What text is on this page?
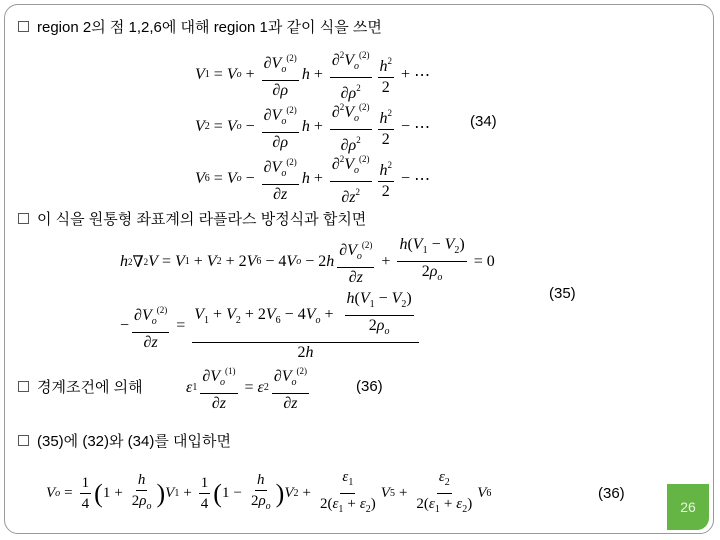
region 2의 점 1,2,6에 대해 region 1과 같이 식을 쓰면
V 1 = V $o + \frac{\partial V_o^{(2)}}{\partial\rho}$ $h + \frac{\partial^2V_o^{(2)}}{\partial\rho^2} \frac{h^2}{2}$ + ⋯
V 2 = V $o - \frac{\partial V_o^{(2)}}{\partial\rho}$ $h + \frac{\partial^2V_o^{(2)}}{\partial\rho^2} \frac{h^2}{2}$ − ⋯
V 6 = V $o - \frac{\partial V_o^{(2)}}{\partial z}$ $h + \frac{\partial^2V_o^{(2)}}{\partial z^2} \frac{h^2}{2}$ − ⋯
(34)
이 식을 원통형 좌표계의 라플라스 방정식과 합치면
h 2 ∇ 2 V = V 1 + V 2 + 2 V 6 − 4 V o − 2 h $\frac{\partial V_o^{(2)}}{\partial z} + \frac{h(V_1 - V_2)}{2\rho_o} = 0$
(35)
− $\frac{\partial V_o^{(2)}}{\partial z} = \frac{V_1 + V_2 + 2V_6 - 4V_o + \frac{h(V_1 - V_2)}{2\rho_o}}{2h}$
경계조건에 의해	ε $1 \frac{\partial V_o^{(1)}}{\partial z} = \varepsilon$ $2 \frac{\partial V_o^{(2)}}{\partial z}$	(36)
(35)에 (32)와 (34)를 대입하면
V $o = \frac{1}{4}$ ( $1 + \frac{h}{2\rho_o}$ ) V $1 + \frac{1}{4}$ ( $1 - \frac{h}{2\rho_o}$ ) V $2 + \frac{\varepsilon_1}{2(\varepsilon_1 + \varepsilon_2)}$ V $5 + \frac{\varepsilon_2}{2(\varepsilon_1 + \varepsilon_2)}$ V 6	(36)
26
